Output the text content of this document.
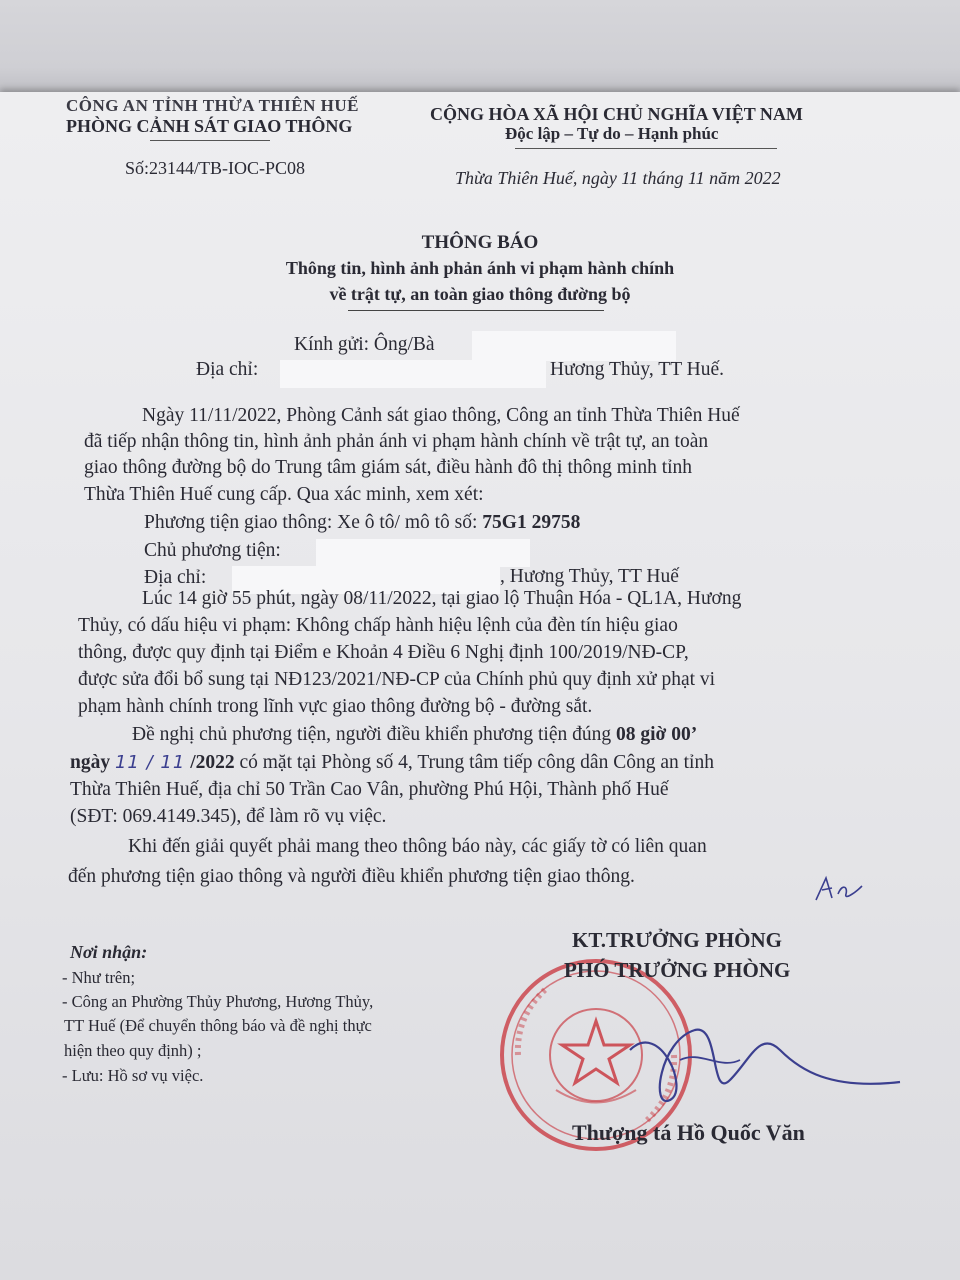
CÔNG AN TỈNH THỪA THIÊN HUẾ
PHÒNG CẢNH SÁT GIAO THÔNG
Số:23144/TB-IOC-PC08
CỘNG HÒA XÃ HỘI CHỦ NGHĨA VIỆT NAM
Độc lập – Tự do – Hạnh phúc
Thừa Thiên Huế, ngày 11 tháng 11 năm 2022
THÔNG BÁO
Thông tin, hình ảnh phản ánh vi phạm hành chính
về trật tự, an toàn giao thông đường bộ
Kính gửi: Ông/Bà
Địa chỉ:	Hương Thủy, TT Huế.
Ngày 11/11/2022, Phòng Cảnh sát giao thông, Công an tỉnh Thừa Thiên Huế
đã tiếp nhận thông tin, hình ảnh phản ánh vi phạm hành chính về trật tự, an toàn
giao thông đường bộ do Trung tâm giám sát, điều hành đô thị thông minh tỉnh
Thừa Thiên Huế cung cấp. Qua xác minh, xem xét:
Phương tiện giao thông: Xe ô tô/ mô tô số: 75G1 29758
Chủ phương tiện:
Địa chỉ:	, Hương Thủy, TT Huế
Lúc 14 giờ 55 phút, ngày 08/11/2022, tại giao lộ Thuận Hóa - QL1A, Hương
Thủy, có dấu hiệu vi phạm: Không chấp hành hiệu lệnh của đèn tín hiệu giao
thông, được quy định tại Điểm e Khoản 4 Điều 6 Nghị định 100/2019/NĐ-CP,
được sửa đổi bổ sung tại NĐ123/2021/NĐ-CP của Chính phủ quy định xử phạt vi
phạm hành chính trong lĩnh vực giao thông đường bộ - đường sắt.
Đề nghị chủ phương tiện, người điều khiển phương tiện đúng 08 giờ 00’
ngày 11 / 11 /2022 có mặt tại Phòng số 4, Trung tâm tiếp công dân Công an tỉnh
Thừa Thiên Huế, địa chỉ 50 Trần Cao Vân, phường Phú Hội, Thành phố Huế
(SĐT: 069.4149.345), để làm rõ vụ việc.
Khi đến giải quyết phải mang theo thông báo này, các giấy tờ có liên quan
đến phương tiện giao thông và người điều khiển phương tiện giao thông.
Nơi nhận:
- Như trên;
- Công an Phường Thủy Phương, Hương Thủy,
TT Huế (Để chuyển thông báo và đề nghị thực
hiện theo quy định) ;
- Lưu: Hồ sơ vụ việc.
KT.TRƯỞNG PHÒNG
PHÓ TRƯỞNG PHÒNG
Thượng tá Hồ Quốc Văn
